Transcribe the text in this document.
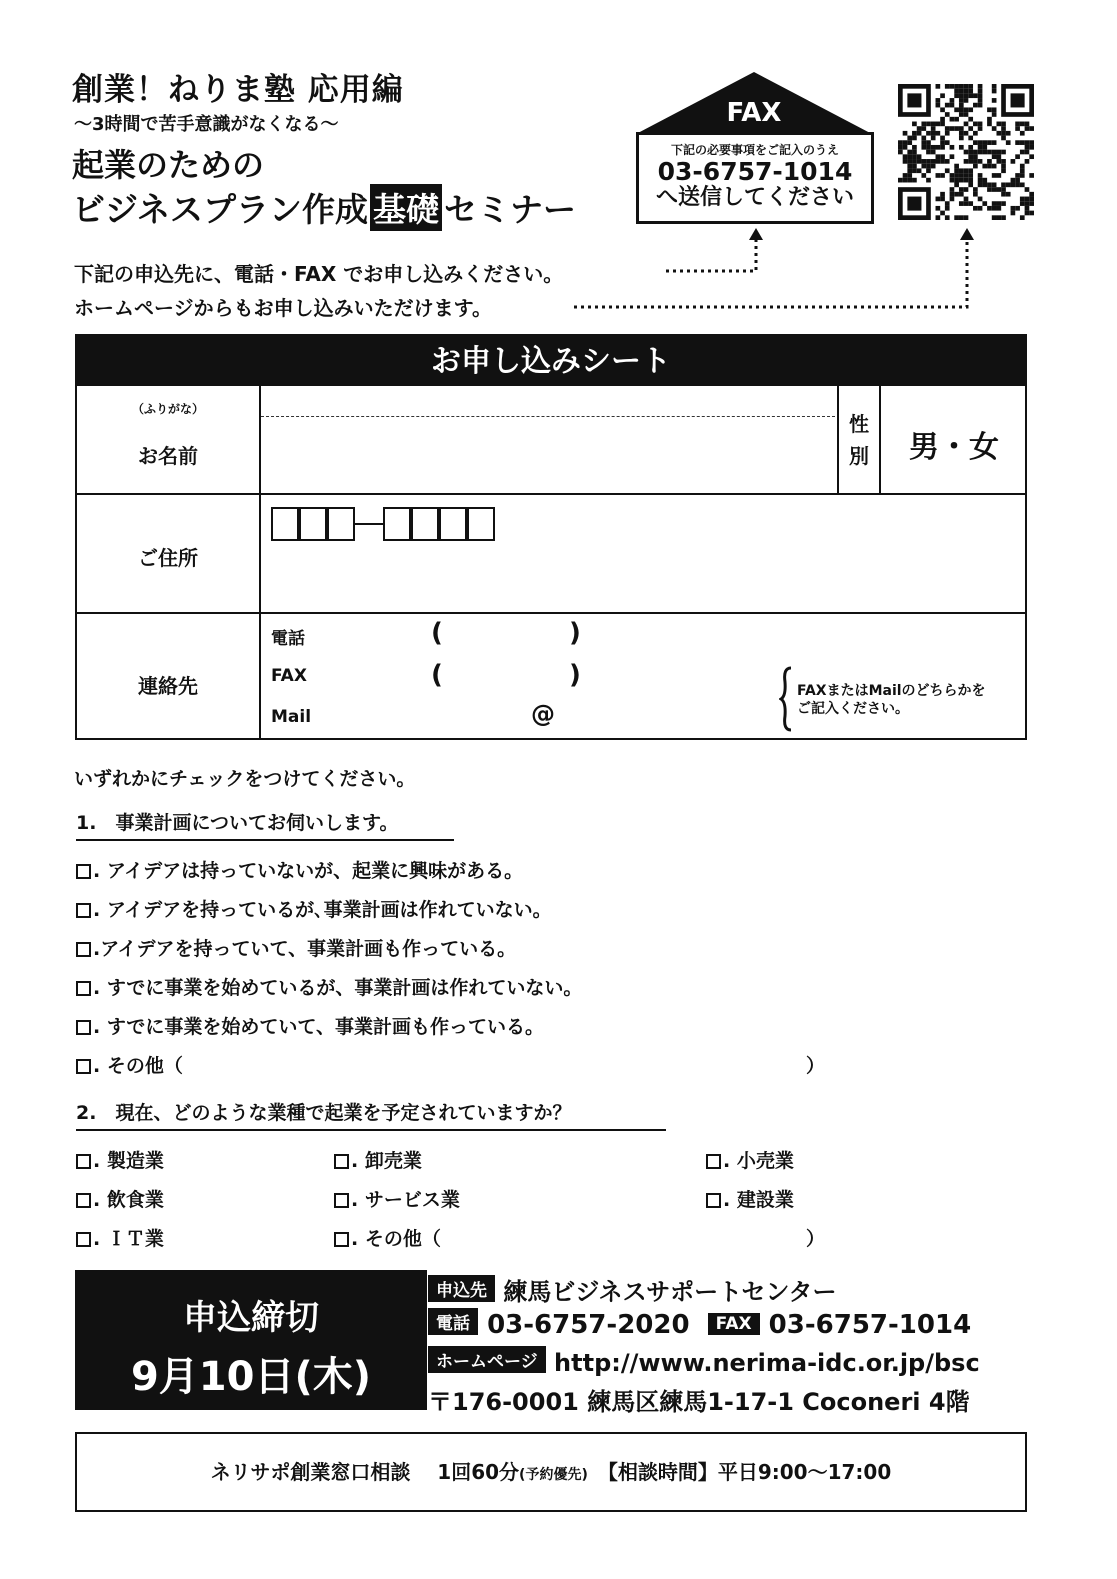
創業！ねりま塾 応用編
～3時間で苦手意識がなくなる～
起業のための
ビジネスプラン作成 基礎 セミナー
FAX
下記の必要事項をご記入のうえ
03-6757-1014
へ送信してください
下記の申込先に、電話・FAX でお申し込みください。
ホームページからもお申し込みいただけます。
お申し込みシート
（ふりがな）
お名前
性
別	男・女
ご住所
連絡先
電話	(	)
FAX	(	)
Mail	@
FAXまたはMailのどちらかを
ご記入ください。
いずれかにチェックをつけてください。
1.　事業計画についてお伺いします。
. アイデアは持っていないが、起業に興味がある。
. アイデアを持っているが､事業計画は作れていない。
.アイデアを持っていて、事業計画も作っている。
. すでに事業を始めているが、事業計画は作れていない。
. すでに事業を始めていて、事業計画も作っている。
. その他（	）
2.　現在、どのような業種で起業を予定されていますか？
. 製造業	. 卸売業	. 小売業
. 飲食業	. サービス業	. 建設業
. ＩＴ業	. その他（	）
申込締切
9月10日(木)
申込先 練馬ビジネスサポートセンター
電話 03-6757-2020 FAX 03-6757-1014
ホームページ http://www.nerima-idc.or.jp/bsc
〒176-0001 練馬区練馬1-17-1 Coconeri 4階
ネリサポ創業窓口相談　 1回60分(予約優先)　【相談時間】平日9:00～17:00
